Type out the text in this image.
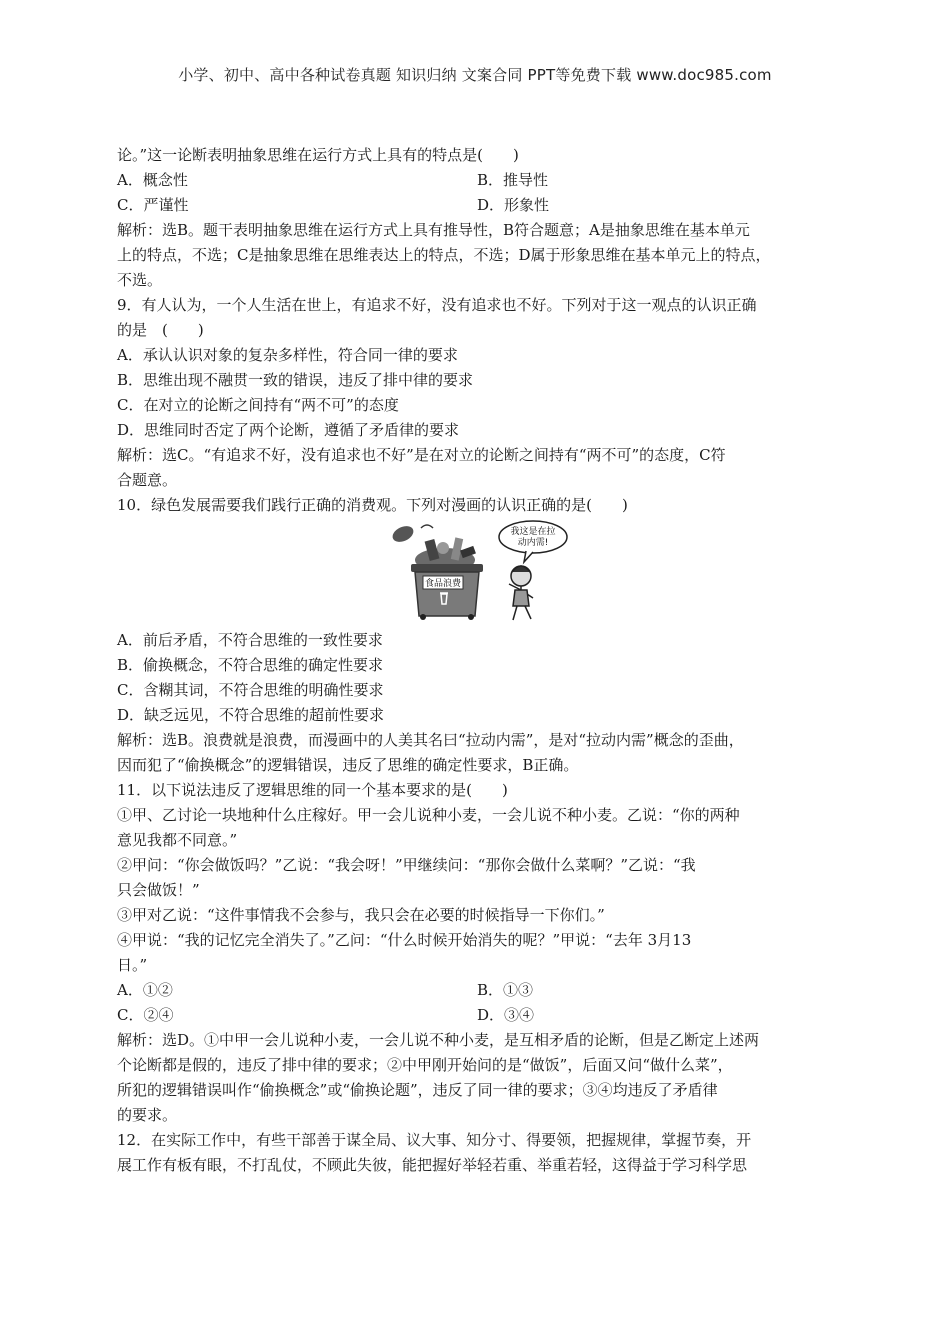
小学、初中、高中各种试卷真题 知识归纳 文案合同 PPT等免费下载 www.doc985.com
论。”这一论断表明抽象思维在运行方式上具有的特点是(　　)
A．概念性	B．推导性
C．严谨性	D．形象性
解析：选B。题干表明抽象思维在运行方式上具有推导性，B符合题意；A是抽象思维在基本单元
上的特点，不选；C是抽象思维在思维表达上的特点，不选；D属于形象思维在基本单元上的特点，
不选。
9．有人认为，一个人生活在世上，有追求不好，没有追求也不好。下列对于这一观点的认识正确
的是　(　　)
A．承认认识对象的复杂多样性，符合同一律的要求
B．思维出现不融贯一致的错误，违反了排中律的要求
C．在对立的论断之间持有“两不可”的态度
D．思维同时否定了两个论断，遵循了矛盾律的要求
解析：选C。“有追求不好，没有追求也不好”是在对立的论断之间持有“两不可”的态度，C符
合题意。
10．绿色发展需要我们践行正确的消费观。下列对漫画的认识正确的是(　　)
食品浪费
我这是在拉
动内需!
A．前后矛盾，不符合思维的一致性要求
B．偷换概念，不符合思维的确定性要求
C．含糊其词，不符合思维的明确性要求
D．缺乏远见，不符合思维的超前性要求
解析：选B。浪费就是浪费，而漫画中的人美其名曰“拉动内需”，是对“拉动内需”概念的歪曲，
因而犯了“偷换概念”的逻辑错误，违反了思维的确定性要求，B正确。
11．以下说法违反了逻辑思维的同一个基本要求的是(　　)
①甲、乙讨论一块地种什么庄稼好。甲一会儿说种小麦，一会儿说不种小麦。乙说：“你的两种
意见我都不同意。”
②甲问：“你会做饭吗？”乙说：“我会呀！”甲继续问：“那你会做什么菜啊？”乙说：“我
只会做饭！”
③甲对乙说：“这件事情我不会参与，我只会在必要的时候指导一下你们。”
④甲说：“我的记忆完全消失了。”乙问：“什么时候开始消失的呢？”甲说：“去年 3月13
日。”
A．①②	B．①③
C．②④	D．③④
解析：选D。①中甲一会儿说种小麦，一会儿说不种小麦，是互相矛盾的论断，但是乙断定上述两
个论断都是假的，违反了排中律的要求；②中甲刚开始问的是“做饭”，后面又问“做什么菜”，
所犯的逻辑错误叫作“偷换概念”或“偷换论题”，违反了同一律的要求；③④均违反了矛盾律
的要求。
12．在实际工作中，有些干部善于谋全局、议大事、知分寸、得要领，把握规律，掌握节奏，开
展工作有板有眼，不打乱仗，不顾此失彼，能把握好举轻若重、举重若轻，这得益于学习科学思
